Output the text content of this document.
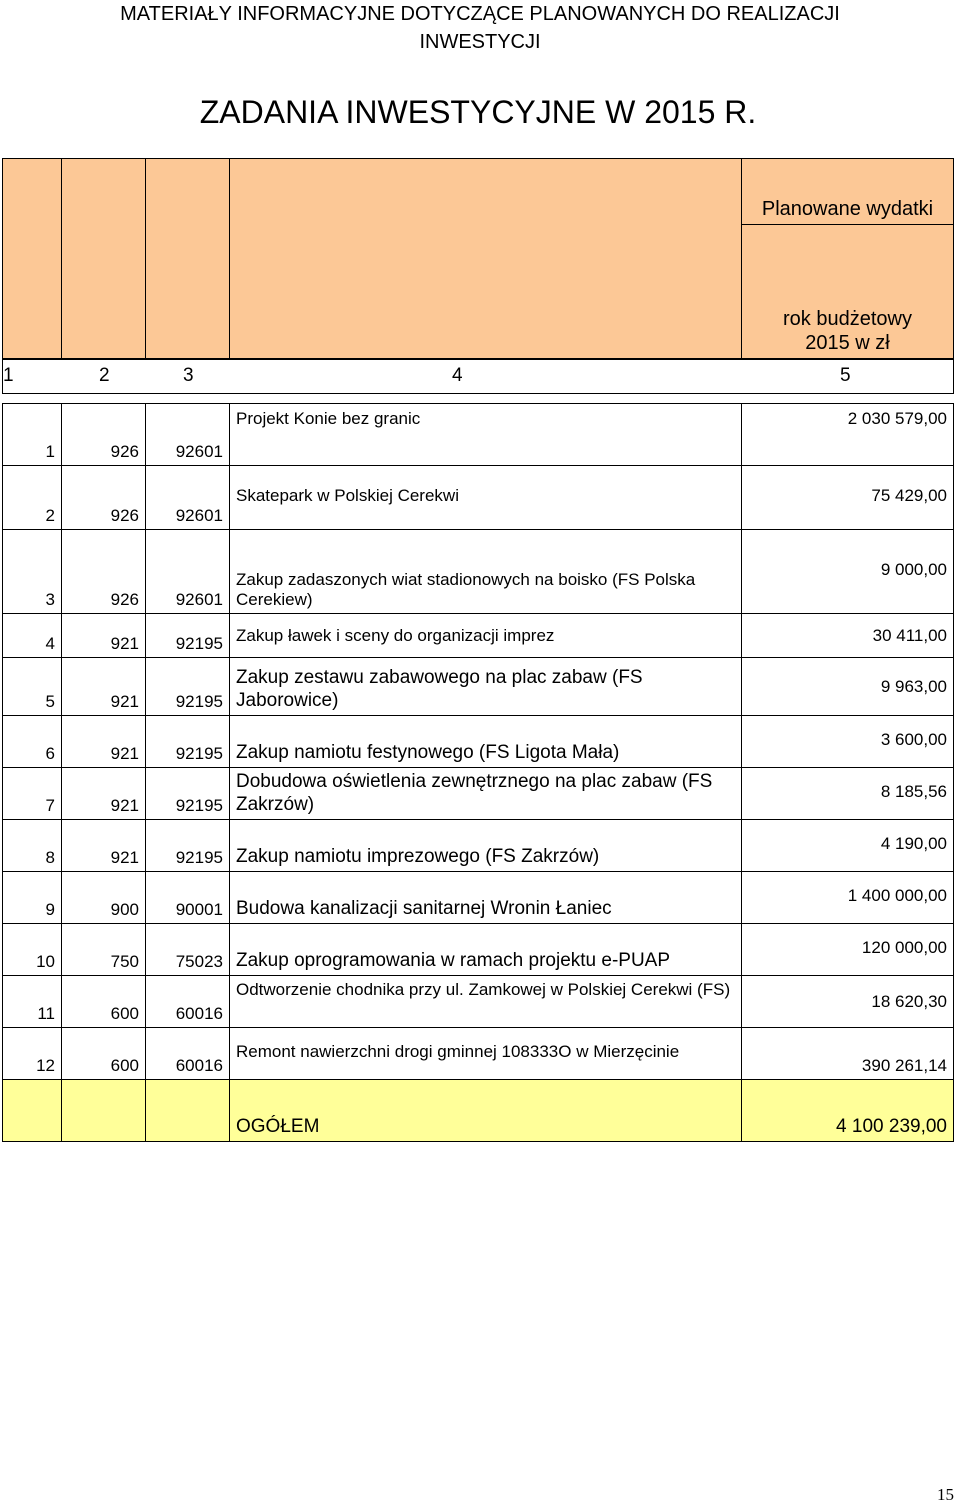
MATERIAŁY INFORMACYJNE DOTYCZĄCE PLANOWANYCH DO REALIZACJI
INWESTYCJI
ZADANIA INWESTYCYJNE W 2015 R.
				Planowane wydatki

				rok budżetowy
2015 w zł

1 2 3 4 5				

1	926	92601	Projekt Konie bez granic	2 030 579,00
2	926	92601	Skatepark w Polskiej Cerekwi	75 429,00
3	926	92601	Zakup zadaszonych wiat stadionowych na boisko (FS Polska Cerekiew)	9 000,00
4	921	92195	Zakup ławek i sceny do organizacji imprez	30 411,00
5	921	92195	Zakup zestawu zabawowego na plac zabaw (FS Jaborowice)	9 963,00
6	921	92195	Zakup namiotu festynowego (FS Ligota Mała)	3 600,00
7	921	92195	Dobudowa oświetlenia zewnętrznego na plac zabaw (FS Zakrzów)	8 185,56
8	921	92195	Zakup namiotu imprezowego (FS Zakrzów)	4 190,00
9	900	90001	Budowa kanalizacji sanitarnej Wronin Łaniec	1 400 000,00
10	750	75023	Zakup oprogramowania w ramach projektu e-PUAP	120 000,00
11	600	60016	Odtworzenie chodnika przy ul. Zamkowej w Polskiej Cerekwi (FS)	18 620,30
12	600	60016	Remont nawierzchni drogi gminnej 108333O w Mierzęcinie	390 261,14
			OGÓŁEM	4 100 239,00
15
